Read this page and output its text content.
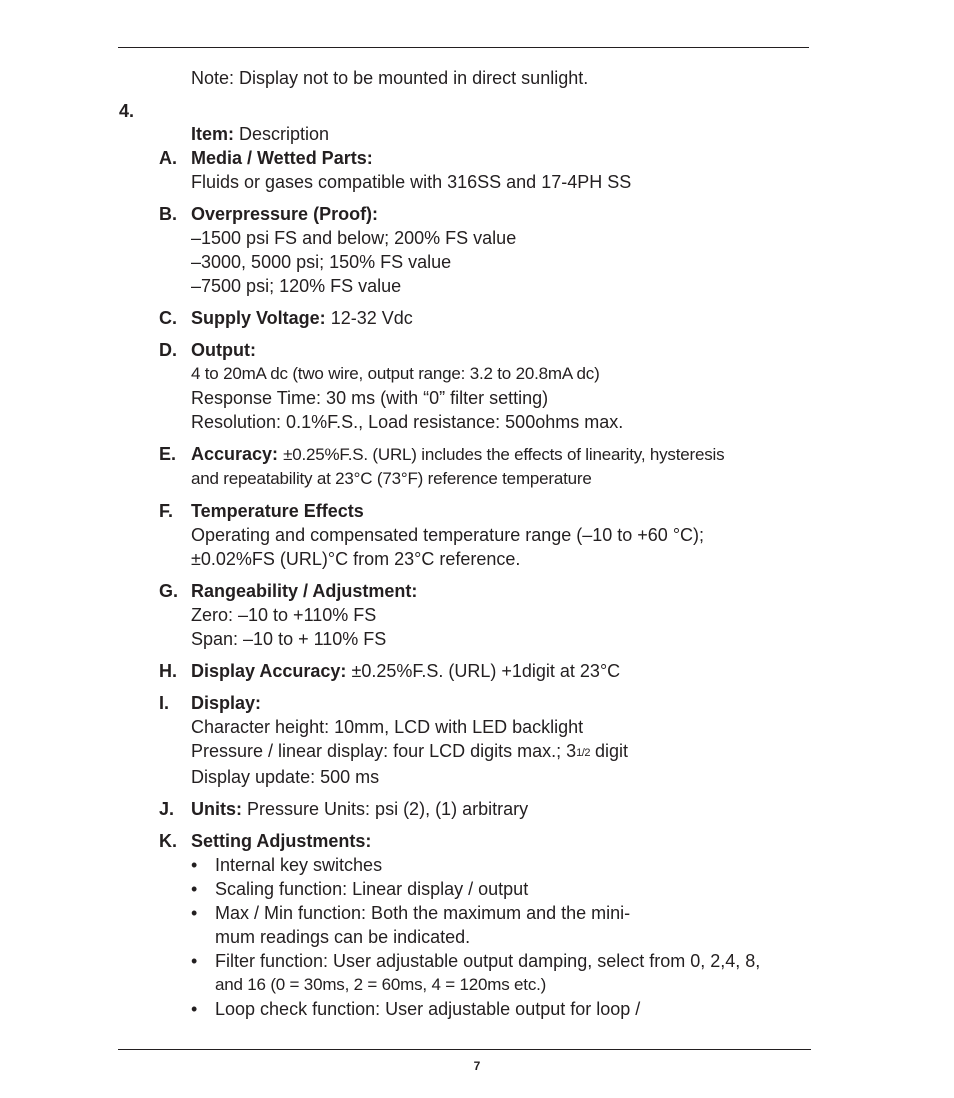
Note: Display not to be mounted in direct sunlight.
4.
Item: Description
A. Media / Wetted Parts:
Fluids or gases compatible with 316SS and 17-4PH SS
B. Overpressure (Proof):
–1500 psi FS and below; 200% FS value
–3000, 5000 psi; 150% FS value
–7500 psi; 120% FS value
C. Supply Voltage: 12-32 Vdc
D. Output:
4 to 20mA dc (two wire, output range: 3.2 to 20.8mA dc)
Response Time: 30 ms (with “0” filter setting)
Resolution: 0.1%F.S., Load resistance: 500ohms max.
E. Accuracy: ±0.25%F.S. (URL) includes the effects of linearity, hysteresis
and repeatability at 23°C (73°F) reference temperature
F. Temperature Effects
Operating and compensated temperature range (–10 to +60 °C);
±0.02%FS (URL)°C from 23°C reference.
G. Rangeability / Adjustment:
Zero: –10 to +110% FS
Span: –10 to + 110% FS
H. Display Accuracy: ±0.25%F.S. (URL) +1digit at 23°C
I. Display:
Character height: 10mm, LCD with LED backlight
Pressure / linear display: four LCD digits max.; 31/2 digit
Display update: 500 ms
J. Units: Pressure Units: psi (2), (1) arbitrary
K. Setting Adjustments:
• Internal key switches
• Scaling function: Linear display / output
• Max / Min function: Both the maximum and the mini-
mum readings can be indicated.
• Filter function: User adjustable output damping, select from 0, 2,4, 8,
and 16 (0 = 30ms, 2 = 60ms, 4 = 120ms etc.)
• Loop check function: User adjustable output for loop /
7
